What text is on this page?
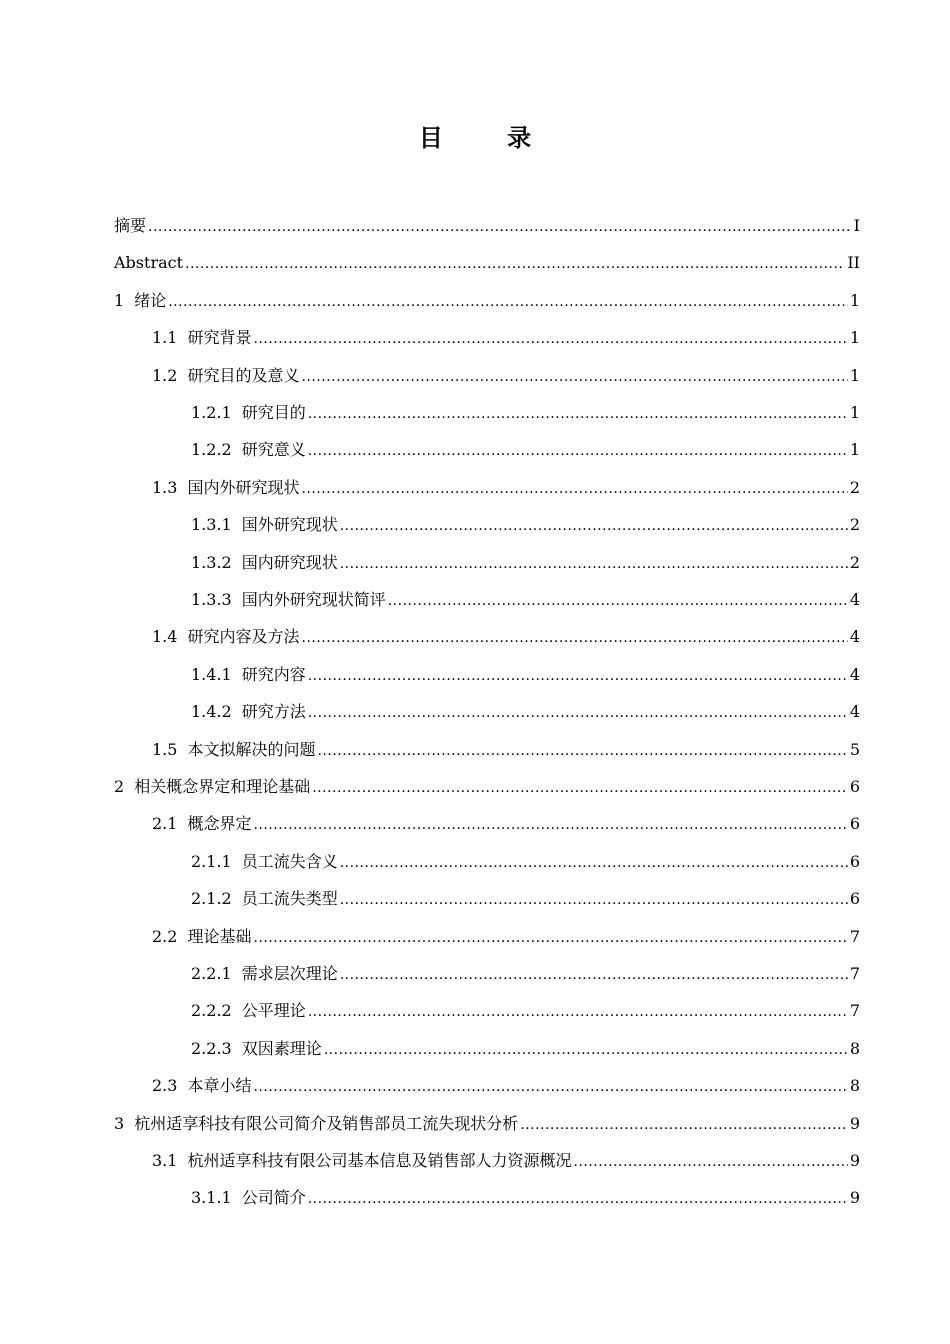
目 录
摘要 .....	I
Abstract .....	II
1 绪论 .....	1
1.1 研究背景 .....	1
1.2 研究目的及意义 .....	1
1.2.1 研究目的 .....	1
1.2.2 研究意义 .....	1
1.3 国内外研究现状 .....	2
1.3.1 国外研究现状 .....	2
1.3.2 国内研究现状 .....	2
1.3.3 国内外研究现状简评 .....	4
1.4 研究内容及方法 .....	4
1.4.1 研究内容 .....	4
1.4.2 研究方法 .....	4
1.5 本文拟解决的问题 .....	5
2 相关概念界定和理论基础 .....	6
2.1 概念界定 .....	6
2.1.1 员工流失含义 .....	6
2.1.2 员工流失类型 .....	6
2.2 理论基础 .....	7
2.2.1 需求层次理论 .....	7
2.2.2 公平理论 .....	7
2.2.3 双因素理论 .....	8
2.3 本章小结 .....	8
3 杭州适享科技有限公司简介及销售部员工流失现状分析 .....	9
3.1 杭州适享科技有限公司基本信息及销售部人力资源概况 .....	9
3.1.1 公司简介 .....	9
